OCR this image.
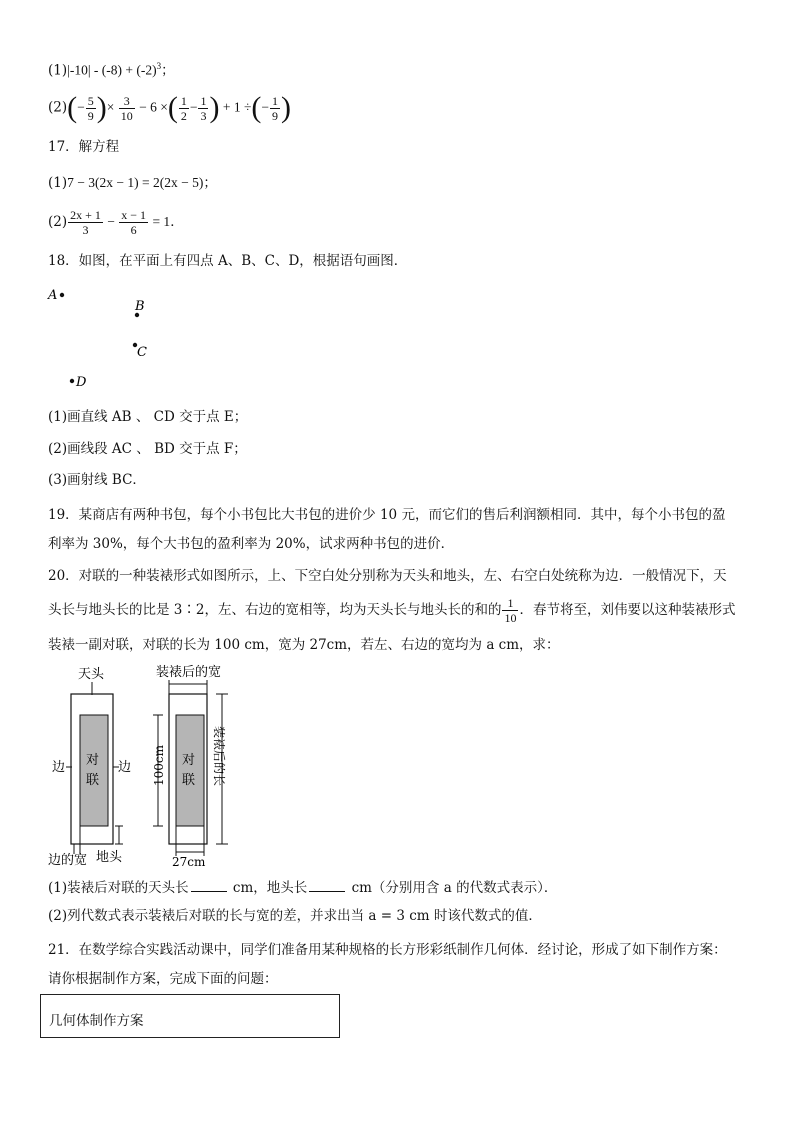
$(1)|-10| - (-8) + (-2)^3$；
$(2)(- \frac{5}{9}$ )× $\frac{3}{10} - 6$ ×( $\frac{1}{2} - \frac{1}{3}$ ) + 1 ÷(− $\frac{1}{9}$ )
17．解方程
(1)7 − 3(2x − 1) = 2(2x − 5)；
$(2) \frac{2x + 1}{3} - \frac{x - 1}{6} = 1$．
18．如图，在平面上有四点 A、B、C、D，根据语句画图．
A
B
C
D
(1)画直线 AB 、 CD 交于点 E；
(2)画线段 AC 、 BD 交于点 F；
(3)画射线 BC．
19．某商店有两种书包，每个小书包比大书包的进价少 10 元，而它们的售后利润额相同．其中，每个小书包的盈
利率为 30%，每个大书包的盈利率为 20%，试求两种书包的进价．
20．对联的一种装裱形式如图所示，上、下空白处分别称为天头和地头，左、右空白处统称为边．一般情况下，天
头长与地头长的比是 3∶2，左、右边的宽相等，均为天头长与地头长的和的 $\frac{1}{10}$ ．春节将至，刘伟要以这种装裱形式
装裱一副对联，对联的长为 100 cm，宽为 27cm，若左、右边的宽均为 a cm，求：
天头
对
联
边	边
边的宽 地头
装裱后的宽
对
联
100cm	装裱后的长
27cm
(1)装裱后对联的天头长	cm，地头长	cm（分别用含 a 的代数式表示）．
(2)列代数式表示装裱后对联的长与宽的差，并求出当 a = 3 cm 时该代数式的值．
21．在数学综合实践活动课中，同学们准备用某种规格的长方形彩纸制作几何体．经讨论，形成了如下制作方案：
请你根据制作方案，完成下面的问题：
几何体制作方案
